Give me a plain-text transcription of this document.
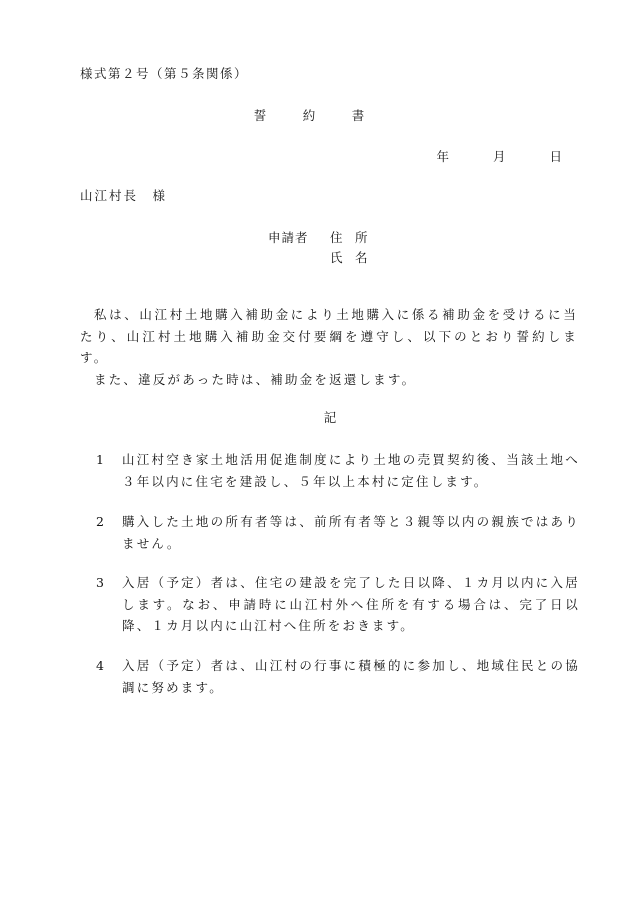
様式第２号（第５条関係）
誓　約　書
年	月	日
山江村長　様
申請者	住　所
氏　名
私は、山江村土地購入補助金により土地購入に係る補助金を受けるに当たり、山江村土地購入補助金交付要綱を遵守し、以下のとおり誓約します。
また、違反があった時は、補助金を返還します。
記
1	山江村空き家土地活用促進制度により土地の売買契約後、当該土地へ３年以内に住宅を建設し、５年以上本村に定住します。
2	購入した土地の所有者等は、前所有者等と３親等以内の親族ではありません。
3	入居（予定）者は、住宅の建設を完了した日以降、１カ月以内に入居します。なお、申請時に山江村外へ住所を有する場合は、完了日以降、１カ月以内に山江村へ住所をおきます。
4	入居（予定）者は、山江村の行事に積極的に参加し、地域住民との協調に努めます。
